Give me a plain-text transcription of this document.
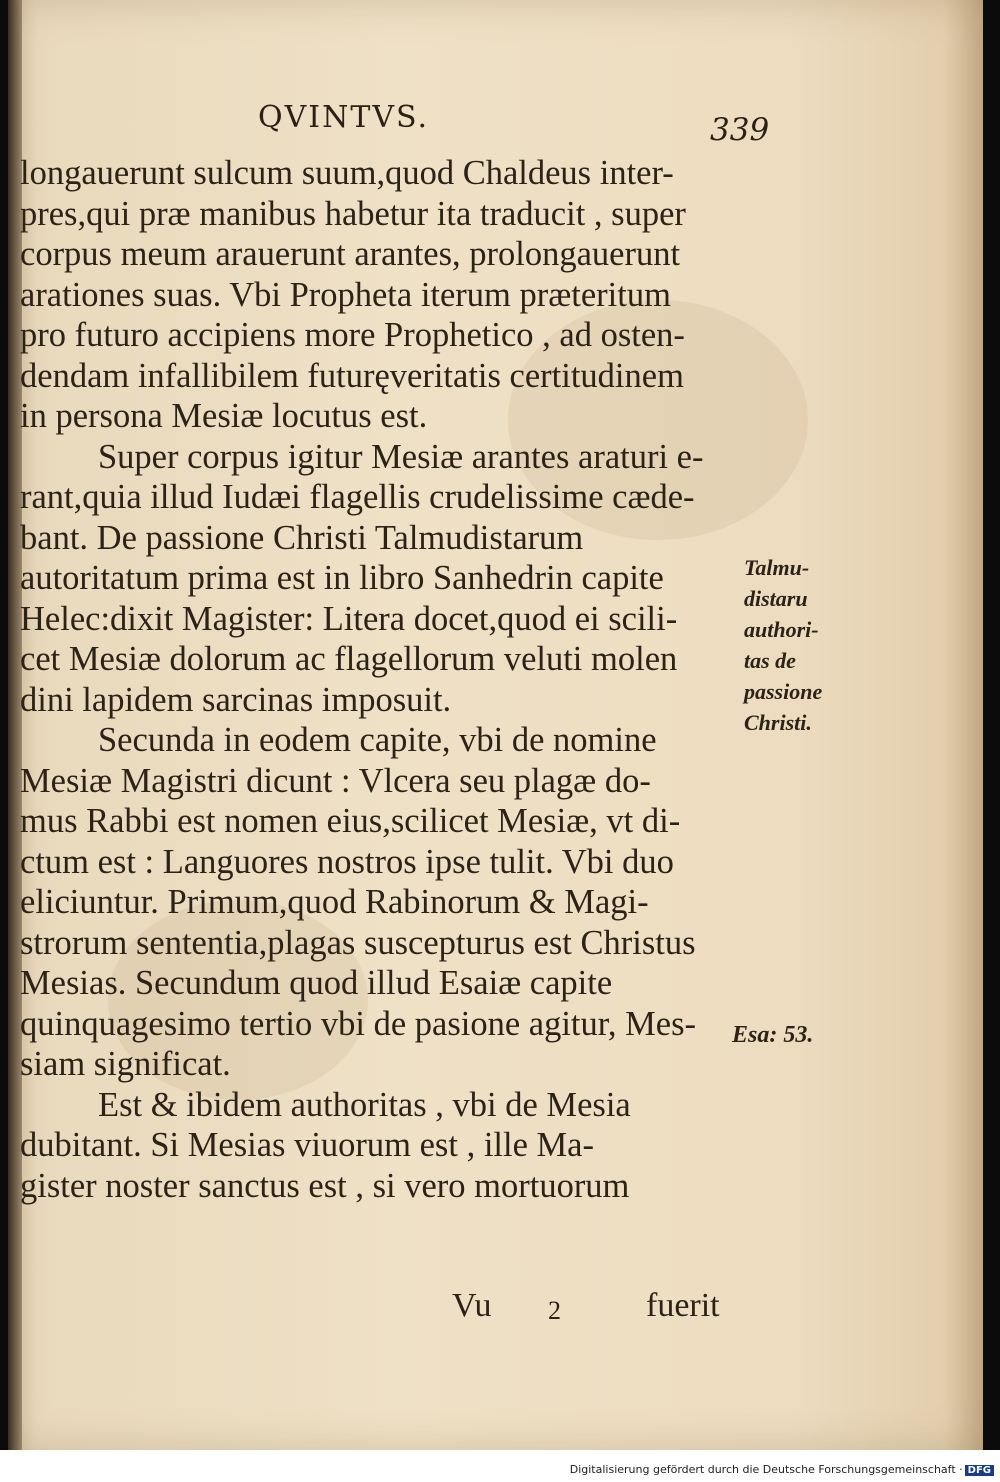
QVINTVS.	339
longauerunt sulcum suum,quod Chaldeus inter-
pres,qui præ manibus habetur ita traducit , super
corpus meum arauerunt arantes, prolongauerunt
arationes suas. Vbi Propheta iterum præteritum
pro futuro accipiens more Prophetico , ad osten-
dendam infallibilem futuręveritatis certitudinem
in persona Mesiæ locutus est.
Super corpus igitur Mesiæ arantes araturi e-
rant,quia illud Iudæi flagellis crudelissime cæde-
bant. De passione Christi Talmudistarum
autoritatum prima est in libro Sanhedrin capite
Helec:dixit Magister: Litera docet,quod ei scili-
cet Mesiæ dolorum ac flagellorum veluti molen
dini lapidem sarcinas imposuit.
Secunda in eodem capite, vbi de nomine
Mesiæ Magistri dicunt : Vlcera seu plagæ do-
mus Rabbi est nomen eius,scilicet Mesiæ, vt di-
ctum est : Languores nostros ipse tulit. Vbi duo
eliciuntur. Primum,quod Rabinorum & Magi-
strorum sententia,plagas suscepturus est Christus
Mesias. Secundum quod illud Esaiæ capite
quinquagesimo tertio vbi de pasione agitur, Mes-
siam significat.
Est & ibidem authoritas , vbi de Mesia
dubitant. Si Mesias viuorum est , ille Ma-
gister noster sanctus est , si vero mortuorum
Talmu-
distaru
authori-
tas de
passione
Christi.
Esa: 53.
Vu 2	fuerit
Digitalisierung gefördert durch die Deutsche Forschungsgemeinschaft · DFG
